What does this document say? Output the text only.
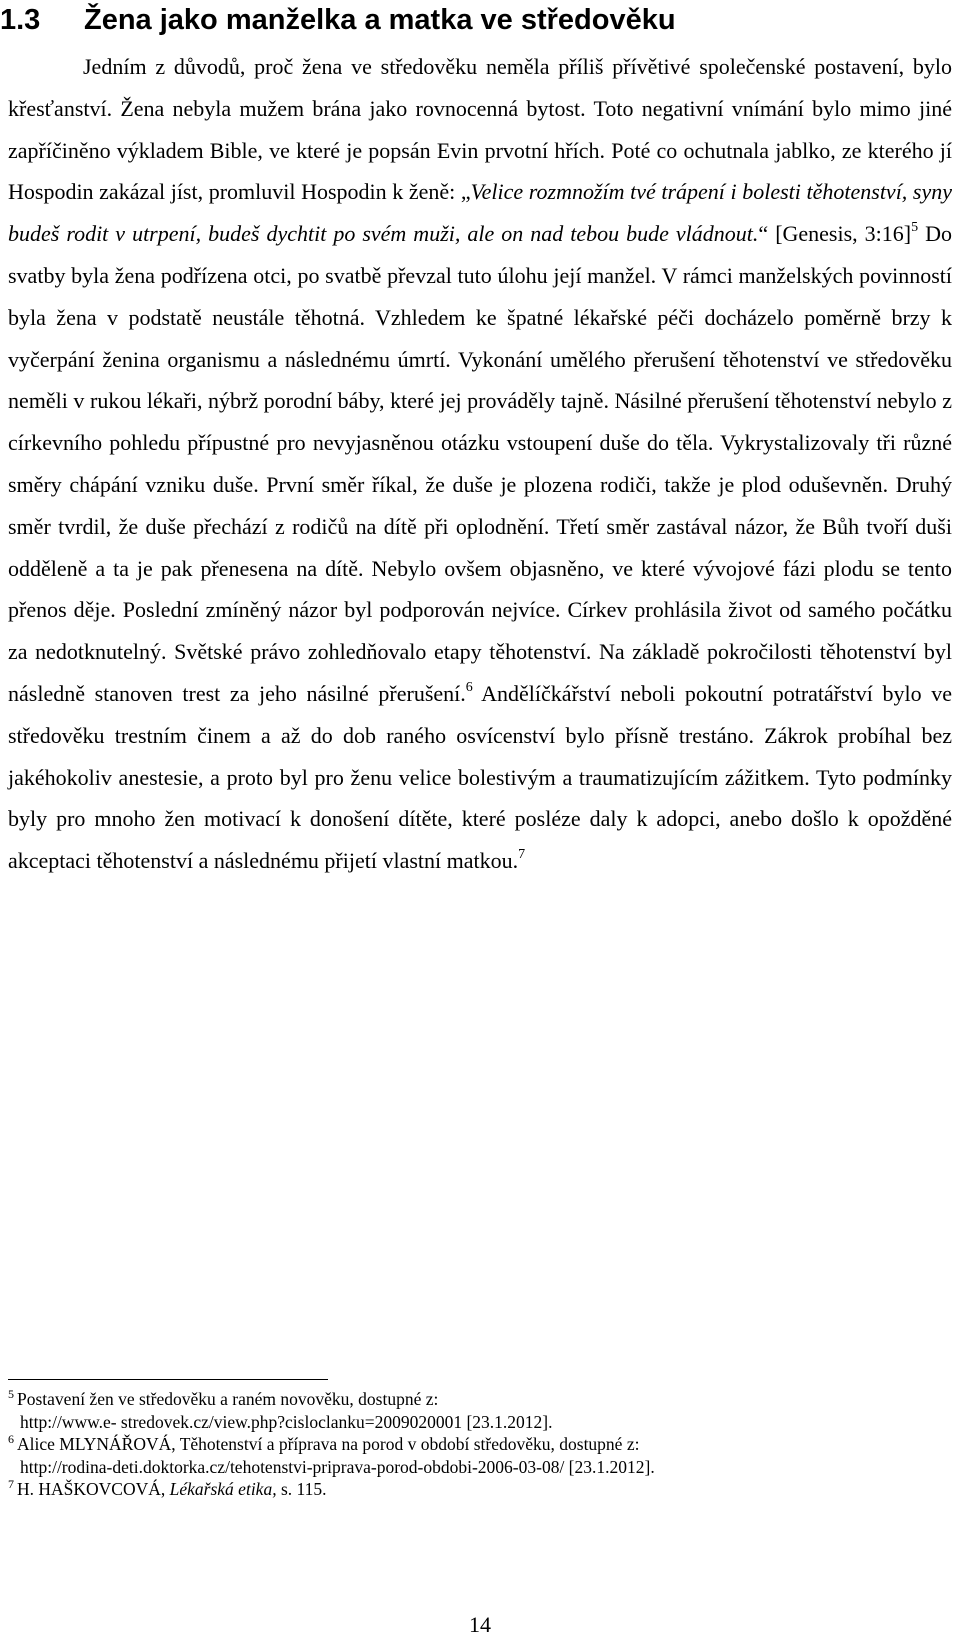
1.3 Žena jako manželka a matka ve středověku

Jedním z důvodů, proč žena ve středověku neměla příliš přívětivé společenské postavení, bylo křesťanství. Žena nebyla mužem brána jako rovnocenná bytost. Toto negativní vnímání bylo mimo jiné zapříčiněno výkladem Bible, ve které je popsán Evin prvotní hřích. Poté co ochutnala jablko, ze kterého jí Hospodin zakázal jíst, promluvil Hospodin k ženě: „Velice rozmnožím tvé trápení i bolesti těhotenství, syny budeš rodit v utrpení, budeš dychtit po svém muži, ale on nad tebou bude vládnout.“ [Genesis, 3:16]$^5$ Do svatby byla žena podřízena otci, po svatbě převzal tuto úlohu její manžel. V rámci manželských povinností byla žena v podstatě neustále těhotná. Vzhledem ke špatné lékařské péči docházelo poměrně brzy k vyčerpání ženina organismu a následnému úmrtí. Vykonání umělého přerušení těhotenství ve středověku neměli v rukou lékaři, nýbrž porodní báby, které jej prováděly tajně. Násilné přerušení těhotenství nebylo z církevního pohledu přípustné pro nevyjasněnou otázku vstoupení duše do těla. Vykrystalizovaly tři různé směry chápání vzniku duše. První směr říkal, že duše je plozena rodiči, takže je plod oduševněn. Druhý směr tvrdil, že duše přechází z rodičů na dítě při oplodnění. Třetí směr zastával názor, že Bůh tvoří duši odděleně a ta je pak přenesena na dítě. Nebylo ovšem objasněno, ve které vývojové fázi plodu se tento přenos děje. Poslední zmíněný názor byl podporován nejvíce. Církev prohlásila život od samého počátku za nedotknutelný. Světské právo zohledňovalo etapy těhotenství. Na základě pokročilosti těhotenství byl následně stanoven trest za jeho násilné přerušení.$^6$ Andělíčkářství neboli pokoutní potratářství bylo ve středověku trestním činem a až do dob raného osvícenství bylo přísně trestáno. Zákrok probíhal bez jakéhokoliv anestesie, a proto byl pro ženu velice bolestivým a traumatizujícím zážitkem. Tyto podmínky byly pro mnoho žen motivací k donošení dítěte, které posléze daly k adopci, anebo došlo k opožděné akceptaci těhotenství a následnému přijetí vlastní matkou.$^7$

$^5$ Postavení žen ve středověku a raném novověku, dostupné z:
http://www.e- stredovek.cz/view.php?cisloclanku=2009020001 [23.1.2012].

$^6$ Alice MLYNÁŘOVÁ, Těhotenství a příprava na porod v období středověku, dostupné z:
http://rodina-deti.doktorka.cz/tehotenstvi-priprava-porod-obdobi-2006-03-08/ [23.1.2012].

$^7$ H. HAŠKOVCOVÁ, Lékařská etika, s. 115.

14
